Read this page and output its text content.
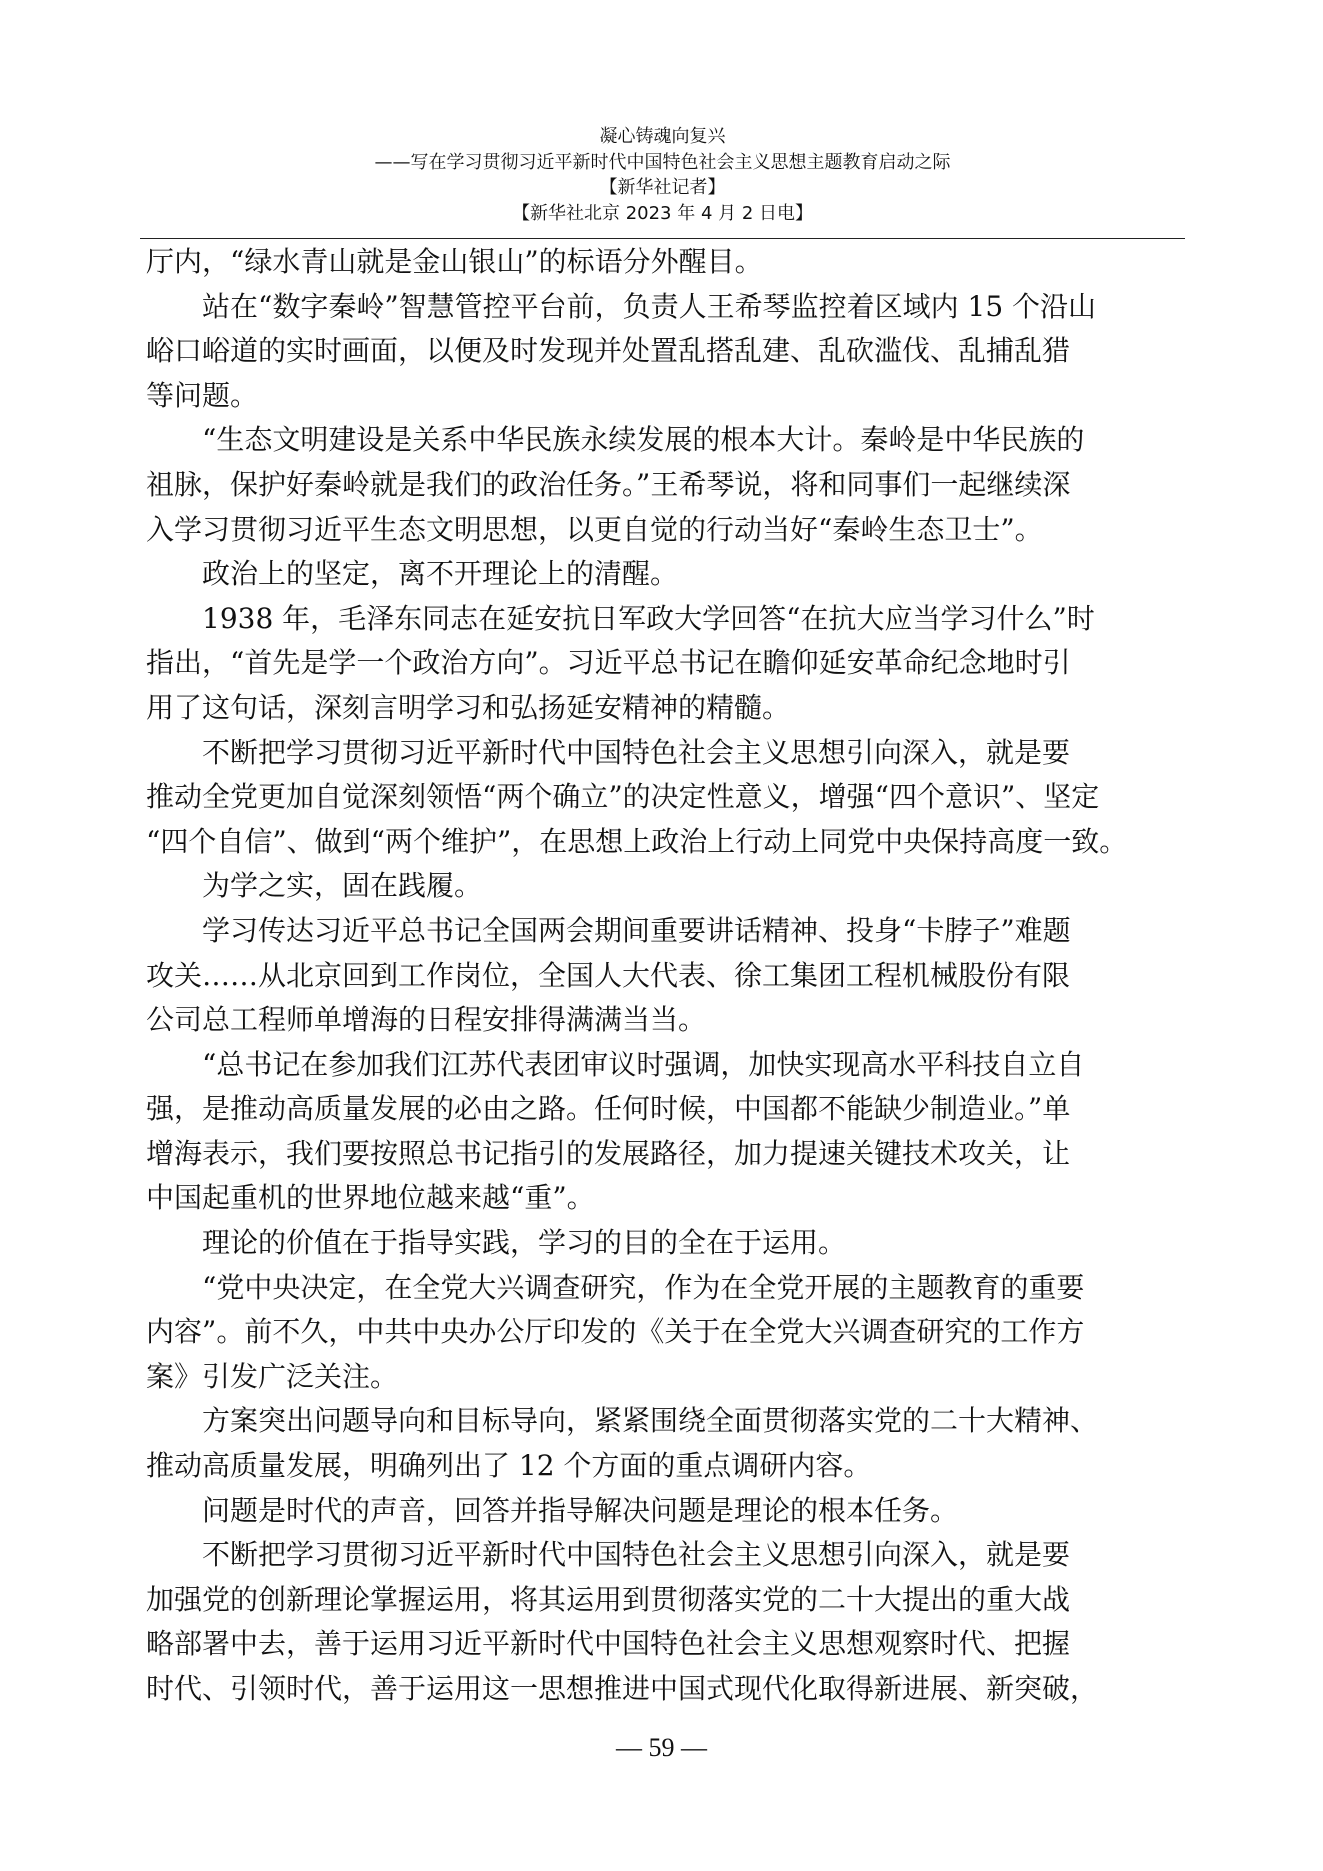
凝心铸魂向复兴
——写在学习贯彻习近平新时代中国特色社会主义思想主题教育启动之际
【新华社记者】
【新华社北京 2023 年 4 月 2 日电】

厅内，“绿水青山就是金山银山”的标语分外醒目。

　　站在“数字秦岭”智慧管控平台前，负责人王希琴监控着区域内 15 个沿山

峪口峪道的实时画面，以便及时发现并处置乱搭乱建、乱砍滥伐、乱捕乱猎

等问题。

　　“生态文明建设是关系中华民族永续发展的根本大计。秦岭是中华民族的

祖脉，保护好秦岭就是我们的政治任务。”王希琴说，将和同事们一起继续深

入学习贯彻习近平生态文明思想，以更自觉的行动当好“秦岭生态卫士”。

　　政治上的坚定，离不开理论上的清醒。

　　1938 年，毛泽东同志在延安抗日军政大学回答“在抗大应当学习什么”时

指出，“首先是学一个政治方向”。习近平总书记在瞻仰延安革命纪念地时引

用了这句话，深刻言明学习和弘扬延安精神的精髓。

　　不断把学习贯彻习近平新时代中国特色社会主义思想引向深入，就是要

推动全党更加自觉深刻领悟“两个确立”的决定性意义，增强“四个意识”、坚定

“四个自信”、做到“两个维护”，在思想上政治上行动上同党中央保持高度一致。

　　为学之实，固在践履。

　　学习传达习近平总书记全国两会期间重要讲话精神、投身“卡脖子”难题

攻关……从北京回到工作岗位，全国人大代表、徐工集团工程机械股份有限

公司总工程师单增海的日程安排得满满当当。

　　“总书记在参加我们江苏代表团审议时强调，加快实现高水平科技自立自

强，是推动高质量发展的必由之路。任何时候，中国都不能缺少制造业。”单

增海表示，我们要按照总书记指引的发展路径，加力提速关键技术攻关，让

中国起重机的世界地位越来越“重”。

　　理论的价值在于指导实践，学习的目的全在于运用。

　　“党中央决定，在全党大兴调查研究，作为在全党开展的主题教育的重要

内容”。前不久，中共中央办公厅印发的《关于在全党大兴调查研究的工作方

案》引发广泛关注。

　　方案突出问题导向和目标导向，紧紧围绕全面贯彻落实党的二十大精神、

推动高质量发展，明确列出了 12 个方面的重点调研内容。

　　问题是时代的声音，回答并指导解决问题是理论的根本任务。

　　不断把学习贯彻习近平新时代中国特色社会主义思想引向深入，就是要

加强党的创新理论掌握运用，将其运用到贯彻落实党的二十大提出的重大战

略部署中去，善于运用习近平新时代中国特色社会主义思想观察时代、把握

时代、引领时代，善于运用这一思想推进中国式现代化取得新进展、新突破，

— 59 —
